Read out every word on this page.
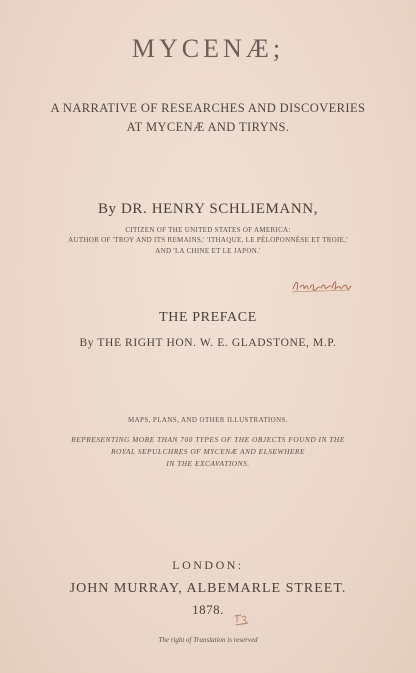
MYCENÆ;
A NARRATIVE OF RESEARCHES AND DISCOVERIES
AT MYCENÆ AND TIRYNS.
By DR. HENRY SCHLIEMANN,
CITIZEN OF THE UNITED STATES OF AMERICA:
AUTHOR OF 'TROY AND ITS REMAINS,' 'ITHAQUE, LE PÉLOPONNÈSE ET TROIE,'
AND 'LA CHINE ET LE JAPON.'
THE PREFACE
By THE RIGHT HON. W. E. GLADSTONE, M.P.
MAPS, PLANS, AND OTHER ILLUSTRATIONS.
REPRESENTING MORE THAN 700 TYPES OF THE OBJECTS FOUND IN THE
ROYAL SEPULCHRES OF MYCENÆ AND ELSEWHERE
IN THE EXCAVATIONS.
LONDON:
JOHN MURRAY, ALBEMARLE STREET.
1878.
The right of Translation is reserved
